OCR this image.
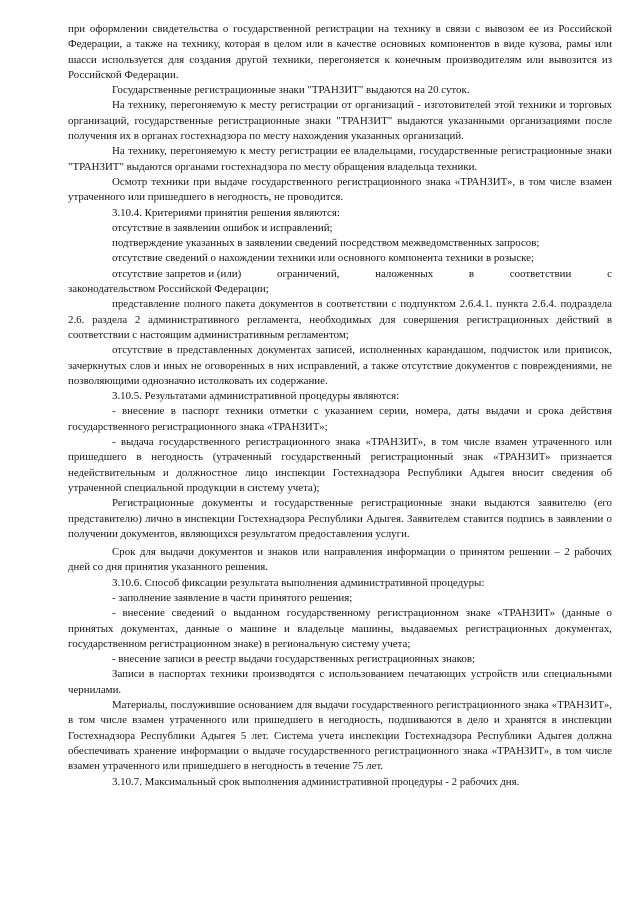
при оформлении свидетельства о государственной регистрации на технику в связи с вывозом ее из Российской Федерации, а также на технику, которая в целом или в качестве основных компонентов в виде кузова, рамы или шасси используется для создания другой техники, перегоняется к конечным производителям или вывозится из Российской Федерации.

Государственные регистрационные знаки "ТРАНЗИТ" выдаются на 20 суток.

На технику, перегоняемую к месту регистрации от организаций - изготовителей этой техники и торговых организаций, государственные регистрационные знаки "ТРАНЗИТ" выдаются указанными организациями после получения их в органах гостехнадзора по месту нахождения указанных организаций.

На технику, перегоняемую к месту регистрации ее владельцами, государственные регистрационные знаки "ТРАНЗИТ" выдаются органами гостехнадзора по месту обращения владельца техники.

Осмотр техники при выдаче государственного регистрационного знака «ТРАНЗИТ», в том числе взамен утраченного или пришедшего в негодность, не проводится.

3.10.4. Критериями принятия решения являются:

отсутствие в заявлении ошибок и исправлений;

подтверждение указанных в заявлении сведений посредством межведомственных запросов;

отсутствие сведений о нахождении техники или основного компонента техники в розыске;

отсутствие запретов и (или)	ограничений,	наложенных	в	соответствии	с

законодательством Российской Федерации;

представление полного пакета документов в соответствии с подпунктом 2.6.4.1. пункта 2.6.4. подраздела 2.6. раздела 2 административного регламента, необходимых для совершения регистрационных действий в соответствии с настоящим административным регламентом;

отсутствие в представленных документах записей, исполненных карандашом, подчисток или приписок, зачеркнутых слов и иных не оговоренных в них исправлений, а также отсутствие документов с повреждениями, не позволяющими однозначно истолковать их содержание.

3.10.5. Результатами административной процедуры являются:

- внесение в паспорт техники отметки с указанием серии, номера, даты выдачи и срока действия государственного регистрационного знака «ТРАНЗИТ»;

- выдача государственного регистрационного знака «ТРАНЗИТ», в том числе взамен утраченного или пришедшего в негодность (утраченный государственный регистрационный знак «ТРАНЗИТ» признается недействительным и должностное лицо инспекции Гостехнадзора Республики Адыгея вносит сведения об утраченной специальной продукции в систему учета);

Регистрационные документы и государственные регистрационные знаки выдаются заявителю (его представителю) лично в инспекции Гостехнадзора Республики Адыгея. Заявителем ставится подпись в заявлении о получении документов, являющихся результатом предоставления услуги.

Срок для выдачи документов и знаков или направления информации о принятом решении – 2 рабочих дней со дня принятия указанного решения.

3.10.6. Способ фиксации результата выполнения административной процедуры:

- заполнение заявление в части принятого решения;

- внесение сведений о выданном государственному регистрационном знаке «ТРАНЗИТ» (данные о принятых документах, данные о машине и владельце машины, выдаваемых регистрационных документах, государственном регистрационном знаке) в региональную систему учета;

- внесение записи в реестр выдачи государственных регистрационных знаков;

Записи в паспортах техники производятся с использованием печатающих устройств или специальными чернилами.

Материалы, послужившие основанием для выдачи государственного регистрационного знака «ТРАНЗИТ», в том числе взамен утраченного или пришедшего в негодность, подшиваются в дело и хранятся в инспекции Гостехнадзора Республики Адыгея 5 лет. Система учета инспекции Гостехнадзора Республики Адыгея должна обеспечивать хранение информации о выдаче государственного регистрационного знака «ТРАНЗИТ», в том числе взамен утраченного или пришедшего в негодность в течение 75 лет.

3.10.7. Максимальный срок выполнения административной процедуры - 2 рабочих дня.
